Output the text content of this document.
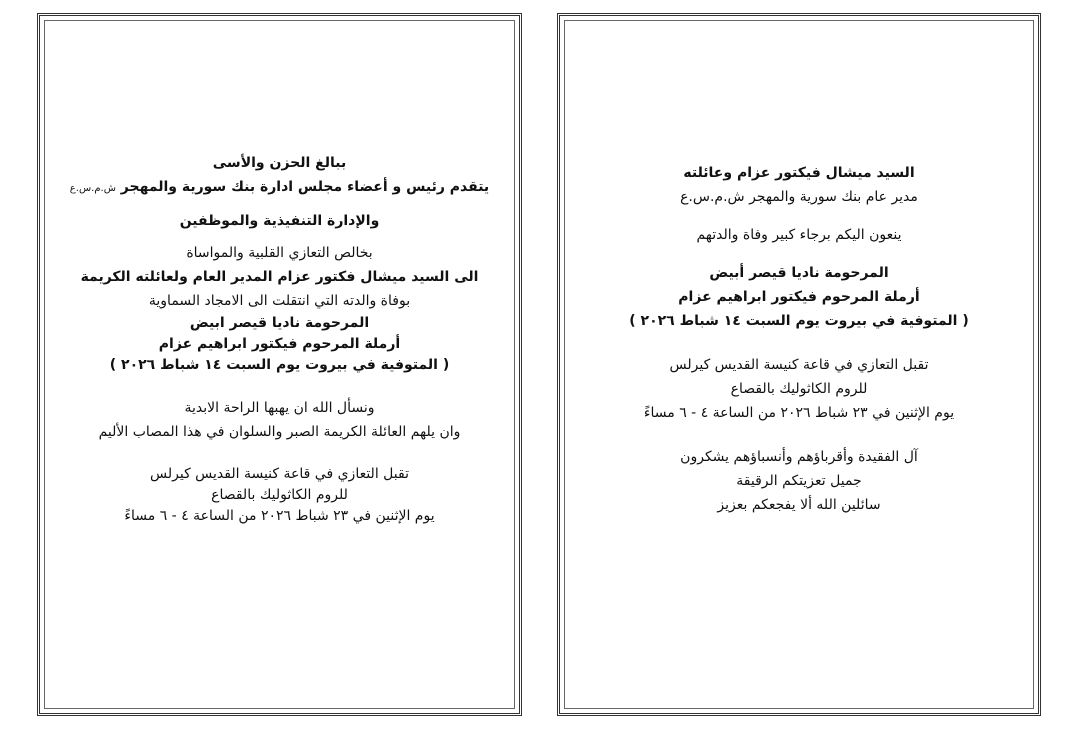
ببالغ الحزن والأسى
يتقدم رئيس و أعضاء مجلس ادارة بنك سورية والمهجر ش.م.س.ع
والإدارة التنفيذية والموظفين
بخالص التعازي القلبية والمواساة
الى السيد ميشال فكتور عزام المدير العام ولعائلته الكريمة
بوفاة والدته التي انتقلت الى الامجاد السماوية
المرحومة ناديا قيصر ابيض
أرملة المرحوم فيكتور ابراهيم عزام
( المتوفية في بيروت يوم السبت ١٤ شباط ٢٠٢٦ )
ونسأل الله ان يهبها الراحة الابدية
وان يلهم العائلة الكريمة الصبر والسلوان في هذا المصاب الأليم
تقبل التعازي في قاعة كنيسة القديس كيرلس
للروم الكاثوليك بالقصاع
يوم الإثنين في ٢٣ شباط ٢٠٢٦ من الساعة ٤ - ٦ مساءً
السيد ميشال فيكتور عزام وعائلته
مدير عام بنك سورية والمهجر ش.م.س.ع
ينعون اليكم برجاء كبير وفاة والدتهم
المرحومة ناديا قيصر أبيض
أرملة المرحوم فيكتور ابراهيم عزام
( المتوفية في بيروت يوم السبت ١٤ شباط ٢٠٢٦ )
تقبل التعازي في قاعة كنيسة القديس كيرلس
للروم الكاثوليك بالقصاع
يوم الإثنين في ٢٣ شباط ٢٠٢٦ من الساعة ٤ - ٦ مساءً
آل الفقيدة وأقرباؤهم وأنسباؤهم يشكرون
جميل تعزيتكم الرقيقة
سائلين الله ألا يفجعكم بعزيز
